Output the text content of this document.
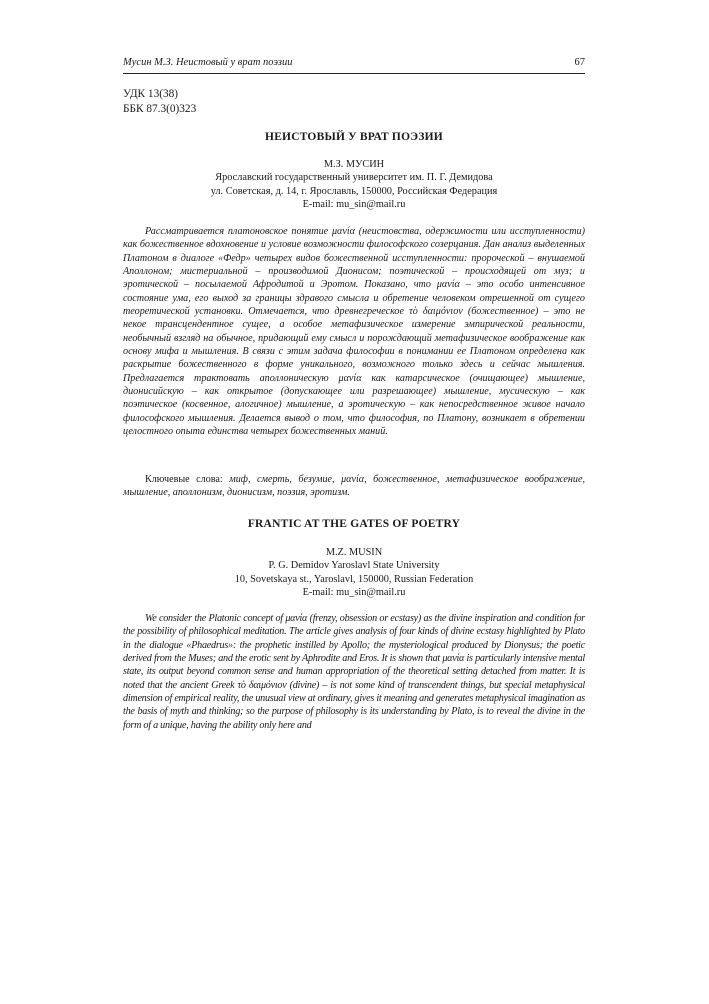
Мусин М.З. Неистовый у врат поэзии	67
УДК 13(38)
ББК 87.3(0)323
НЕИСТОВЫЙ У ВРАТ ПОЭЗИИ
М.З. МУСИН
Ярославский государственный университет им. П. Г. Демидова
ул. Советская, д. 14, г. Ярославль, 150000, Российская Федерация
E-mail: mu_sin@mail.ru

Рассматривается платоновское понятие μανία (неистовства, одержимости или исступленности) как божественное вдохновение и условие возможности философского созерцания. Дан анализ выделенных Платоном в диалоге «Федр» четырех видов божественной исступленности: пророческой – внушаемой Аполлоном; мистериальной – производимой Дионисом; поэтической – происходящей от муз; и эротической – посылаемой Афродитой и Эротом. Показано, что μανία – это особо интенсивное состояние ума, его выход за границы здравого смысла и обретение человеком отрешенной от сущего теоретической установки. Отмечается, что древнегреческое τὸ δαιμόνιον (божественное) – это не некое трансцендентное сущее, а особое метафизическое измерение эмпирической реальности, необычный взгляд на обычное, придающий ему смысл и порождающий метафизическое воображение как основу мифа и мышления. В связи с этим задача философии в понимании ее Платоном определена как раскрытие божественного в форме уникального, возможного только здесь и сейчас мышления. Предлагается трактовать аполлоническую μανία как катарсическое (очищающее) мышление, дионисийскую – как открытое (допускающее или разрешающее) мышление, мусическую – как поэтическое (косвенное, алогичное) мышление, а эротическую – как непосредственное живое начало философского мышления. Делается вывод о том, что философия, по Платону, возникает в обретении целостного опыта единства четырех божественных маний.

Ключевые слова: миф, смерть, безумие, μανία, божественное, метафизическое воображение, мышление, аполлонизм, дионисизм, поэзия, эротизм.

FRANTIC AT THE GATES OF POETRY
M.Z. MUSIN
P. G. Demidov Yaroslavl State University
10, Sovetskaya st., Yaroslavl, 150000, Russian Federation
E-mail: mu_sin@mail.ru

We consider the Platonic concept of μανία (frenzy, obsession or ecstasy) as the divine inspiration and condition for the possibility of philosophical meditation. The article gives analysis of four kinds of divine ecstasy highlighted by Plato in the dialogue «Phaedrus»: the prophetic instilled by Apollo; the mysteriological produced by Dionysus; the poetic derived from the Muses; and the erotic sent by Aphrodite and Eros. It is shown that μανία is particularly intensive mental state, its output beyond common sense and human appropriation of the theoretical setting detached from matter. It is noted that the ancient Greek τὸ δαιμόνιον (divine) – is not some kind of transcendent things, but special metaphysical dimension of empirical reality, the unusual view at ordinary, gives it meaning and generates metaphysical imagination as the basis of myth and thinking; so the purpose of philosophy is its understanding by Plato, is to reveal the divine in the form of a unique, having the ability only here and
